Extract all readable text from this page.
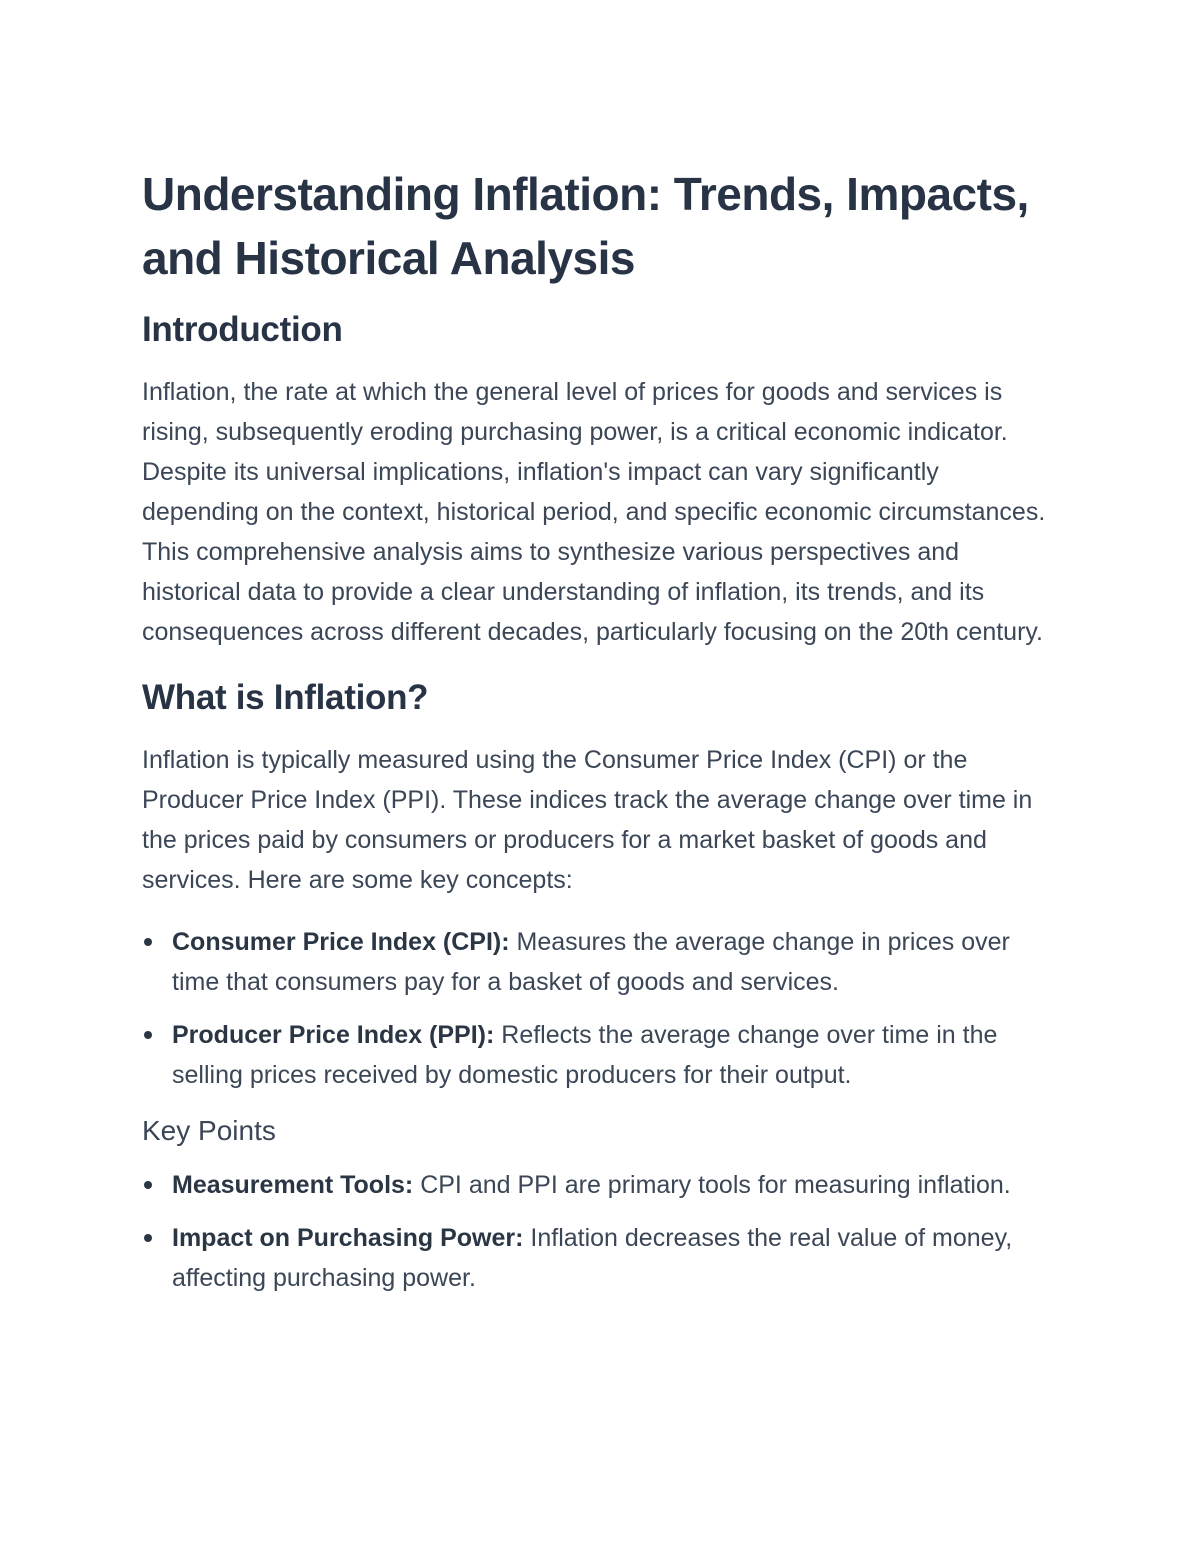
Understanding Inflation: Trends, Impacts, and Historical Analysis
Introduction

Inflation, the rate at which the general level of prices for goods and services is rising, subsequently eroding purchasing power, is a critical economic indicator. Despite its universal implications, inflation's impact can vary significantly depending on the context, historical period, and specific economic circumstances. This comprehensive analysis aims to synthesize various perspectives and historical data to provide a clear understanding of inflation, its trends, and its consequences across different decades, particularly focusing on the 20th century.

What is Inflation?

Inflation is typically measured using the Consumer Price Index (CPI) or the Producer Price Index (PPI). These indices track the average change over time in the prices paid by consumers or producers for a market basket of goods and services. Here are some key concepts:

Consumer Price Index (CPI): Measures the average change in prices over time that consumers pay for a basket of goods and services.
Producer Price Index (PPI): Reflects the average change over time in the selling prices received by domestic producers for their output.
Key Points
Measurement Tools: CPI and PPI are primary tools for measuring inflation.
Impact on Purchasing Power: Inflation decreases the real value of money, affecting purchasing power.
